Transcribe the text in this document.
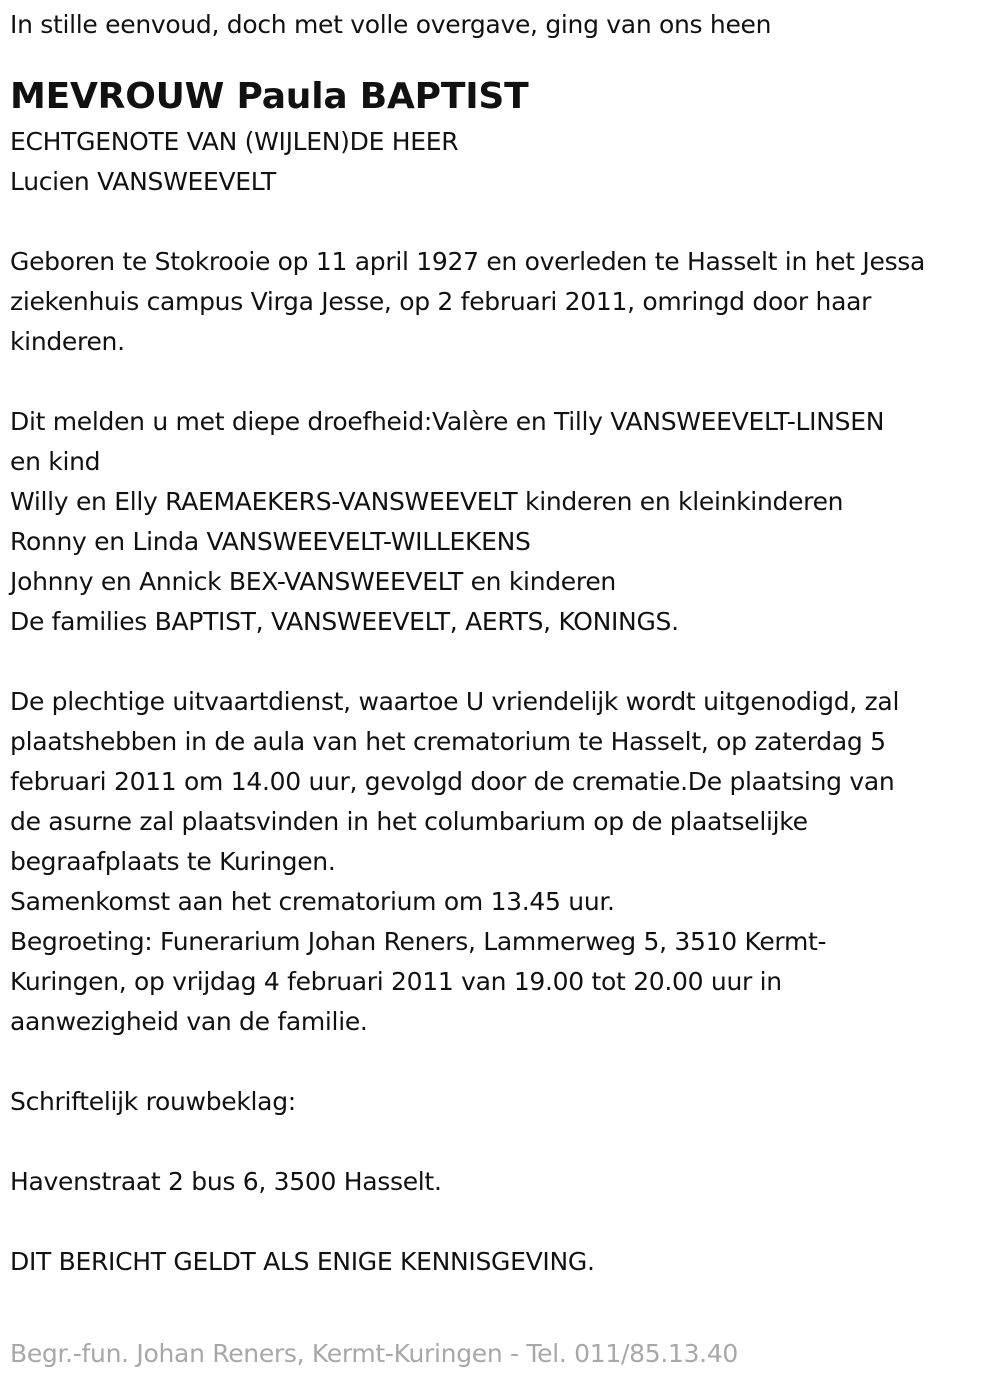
In stille eenvoud, doch met volle overgave, ging van ons heen
MEVROUW Paula BAPTIST
ECHTGENOTE VAN (WIJLEN)DE HEER
Lucien VANSWEEVELT
Geboren te Stokrooie op 11 april 1927 en overleden te Hasselt in het Jessa
ziekenhuis campus Virga Jesse, op 2 februari 2011, omringd door haar
kinderen.
Dit melden u met diepe droefheid:Valère en Tilly VANSWEEVELT-LINSEN
en kind
Willy en Elly RAEMAEKERS-VANSWEEVELT kinderen en kleinkinderen
Ronny en Linda VANSWEEVELT-WILLEKENS
Johnny en Annick BEX-VANSWEEVELT en kinderen
De families BAPTIST, VANSWEEVELT, AERTS, KONINGS.
De plechtige uitvaartdienst, waartoe U vriendelijk wordt uitgenodigd, zal
plaatshebben in de aula van het crematorium te Hasselt, op zaterdag 5
februari 2011 om 14.00 uur, gevolgd door de crematie.De plaatsing van
de asurne zal plaatsvinden in het columbarium op de plaatselijke
begraafplaats te Kuringen.
Samenkomst aan het crematorium om 13.45 uur.
Begroeting: Funerarium Johan Reners, Lammerweg 5, 3510 Kermt-
Kuringen, op vrijdag 4 februari 2011 van 19.00 tot 20.00 uur in
aanwezigheid van de familie.
Schriftelijk rouwbeklag:
Havenstraat 2 bus 6, 3500 Hasselt.
DIT BERICHT GELDT ALS ENIGE KENNISGEVING.
Begr.-fun. Johan Reners, Kermt-Kuringen - Tel. 011/85.13.40
